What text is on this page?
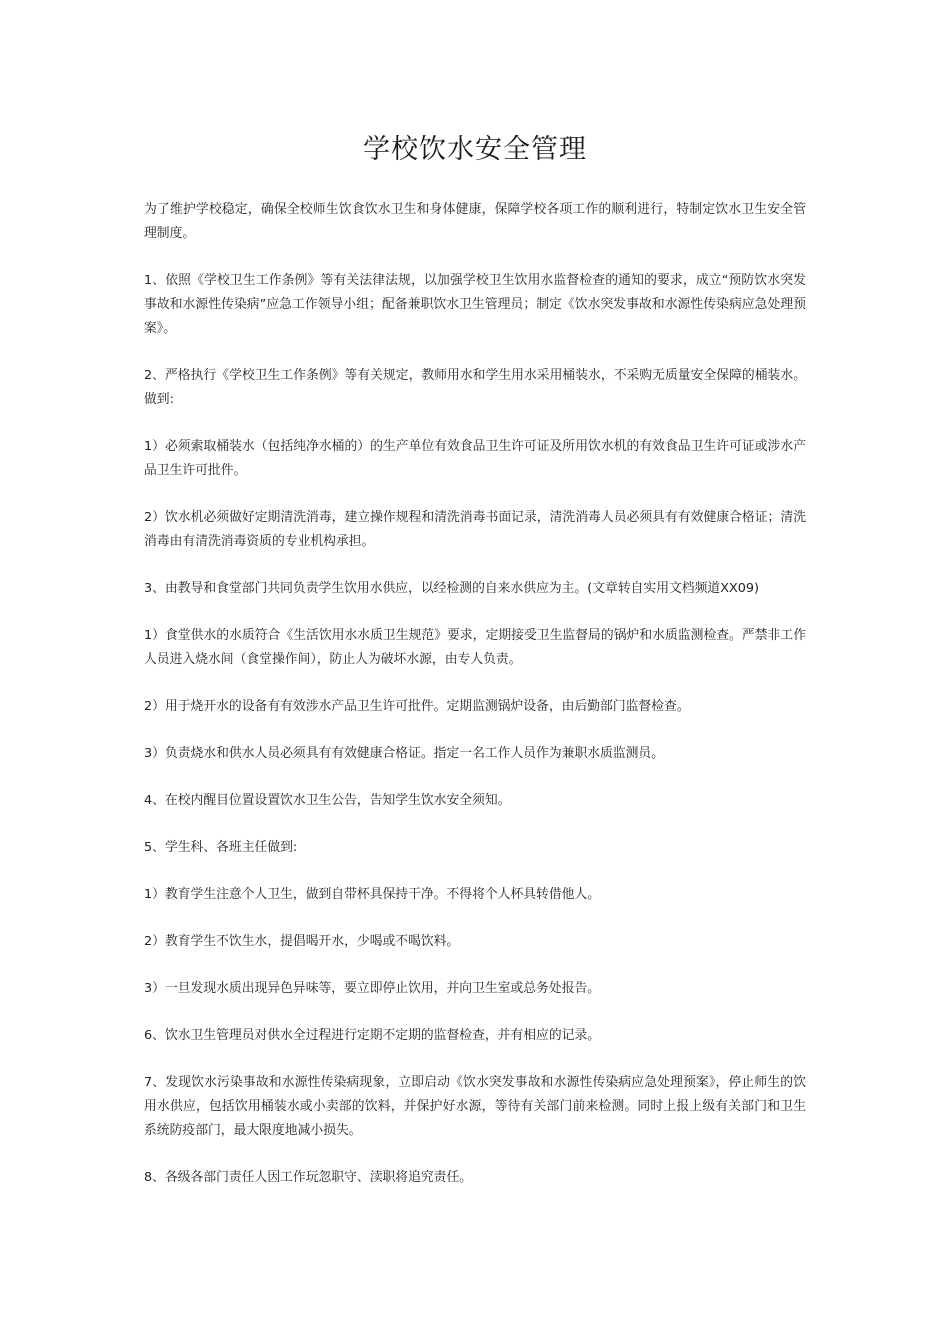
学校饮水安全管理

为了维护学校稳定，确保全校师生饮食饮水卫生和身体健康，保障学校各项工作的顺利进行，特制定饮水卫生安全管理制度。

1、依照《学校卫生工作条例》等有关法律法规，以加强学校卫生饮用水监督检查的通知的要求，成立“预防饮水突发事故和水源性传染病”应急工作领导小组；配备兼职饮水卫生管理员；制定《饮水突发事故和水源性传染病应急处理预案》。

2、严格执行《学校卫生工作条例》等有关规定，教师用水和学生用水采用桶装水，不采购无质量安全保障的桶装水。做到:

1）必须索取桶装水（包括纯净水桶的）的生产单位有效食品卫生许可证及所用饮水机的有效食品卫生许可证或涉水产品卫生许可批件。

2）饮水机必须做好定期清洗消毒，建立操作规程和清洗消毒书面记录，清洗消毒人员必须具有有效健康合格证；清洗消毒由有清洗消毒资质的专业机构承担。

3、由教导和食堂部门共同负责学生饮用水供应，以经检测的自来水供应为主。(文章转自实用文档频道XX09)

1）食堂供水的水质符合《生活饮用水水质卫生规范》要求，定期接受卫生监督局的锅炉和水质监测检查。严禁非工作人员进入烧水间（食堂操作间），防止人为破坏水源，由专人负责。

2）用于烧开水的设备有有效涉水产品卫生许可批件。定期监测锅炉设备，由后勤部门监督检查。

3）负责烧水和供水人员必须具有有效健康合格证。指定一名工作人员作为兼职水质监测员。

4、在校内醒目位置设置饮水卫生公告，告知学生饮水安全须知。

5、学生科、各班主任做到:

1）教育学生注意个人卫生，做到自带杯具保持干净。不得将个人杯具转借他人。

2）教育学生不饮生水，提倡喝开水，少喝或不喝饮料。

3）一旦发现水质出现异色异味等，要立即停止饮用，并向卫生室或总务处报告。

6、饮水卫生管理员对供水全过程进行定期不定期的监督检查，并有相应的记录。

7、发现饮水污染事故和水源性传染病现象，立即启动《饮水突发事故和水源性传染病应急处理预案》，停止师生的饮用水供应，包括饮用桶装水或小卖部的饮料，并保护好水源，等待有关部门前来检测。同时上报上级有关部门和卫生系统防疫部门，最大限度地减小损失。

8、各级各部门责任人因工作玩忽职守、渎职将追究责任。
